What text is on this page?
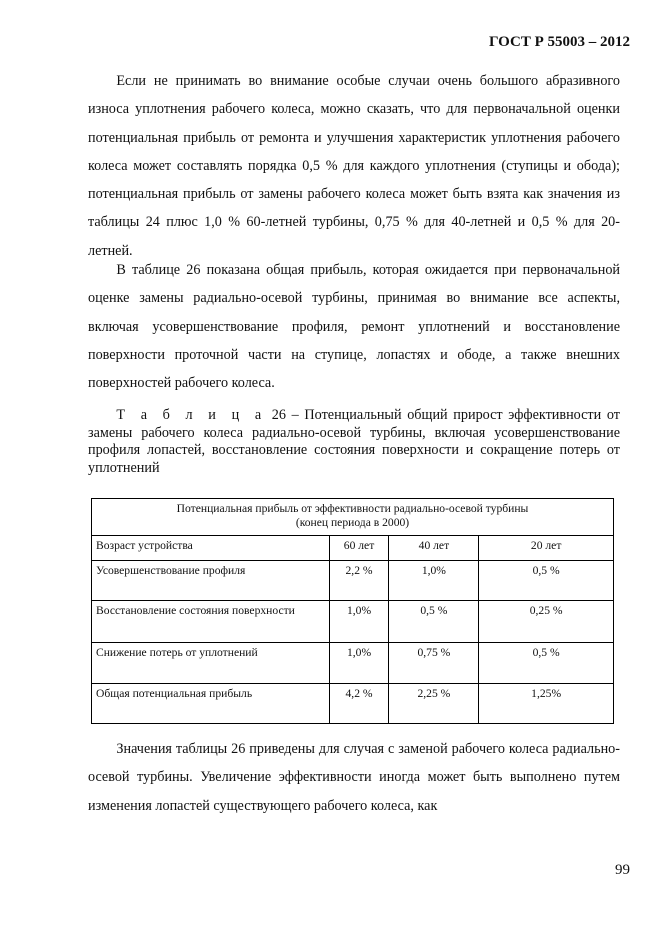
ГОСТ Р 55003 – 2012

  Если не принимать во внимание особые случаи очень большого абразивного износа уплотнения рабочего колеса, можно сказать, что для первоначальной оценки потенциальная прибыль от ремонта и улучшения характеристик уплотнения рабочего колеса может составлять порядка 0,5 % для каждого уплотнения (ступицы и обода); потенциальная прибыль от замены рабочего колеса может быть взята как значения из таблицы 24 плюс 1,0 % 60-летней турбины, 0,75 % для 40-летней и 0,5 % для 20-летней.

  В таблице 26 показана общая прибыль, которая ожидается при первоначальной оценке замены радиально-осевой турбины, принимая во внимание все аспекты, включая усовершенствование профиля, ремонт уплотнений и восстановление поверхности проточной части на ступице, лопастях и ободе, а также внешних поверхностей рабочего колеса.

  Т а б л и ц а 26 – Потенциальный общий прирост эффективности от замены рабочего колеса радиально-осевой турбины, включая усовершенствование профиля лопастей, восстановление состояния поверхности и сокращение потерь от уплотнений

Потенциальная прибыль от эффективности радиально-осевой турбины
(конец периода в 2000)			

Возраст устройства	60 лет	40 лет	20 лет
Усовершенствование профиля	2,2 %	1,0%	0,5 %
Восстановление состояния поверхности	1,0%	0,5 %	0,25 %
Снижение потерь от уплотнений	1,0%	0,75 %	0,5 %
Общая потенциальная прибыль	4,2 %	2,25 %	1,25%

  Значения таблицы 26 приведены для случая с заменой рабочего колеса радиально-осевой турбины. Увеличение эффективности иногда может быть выполнено путем изменения лопастей существующего рабочего колеса, как

99
